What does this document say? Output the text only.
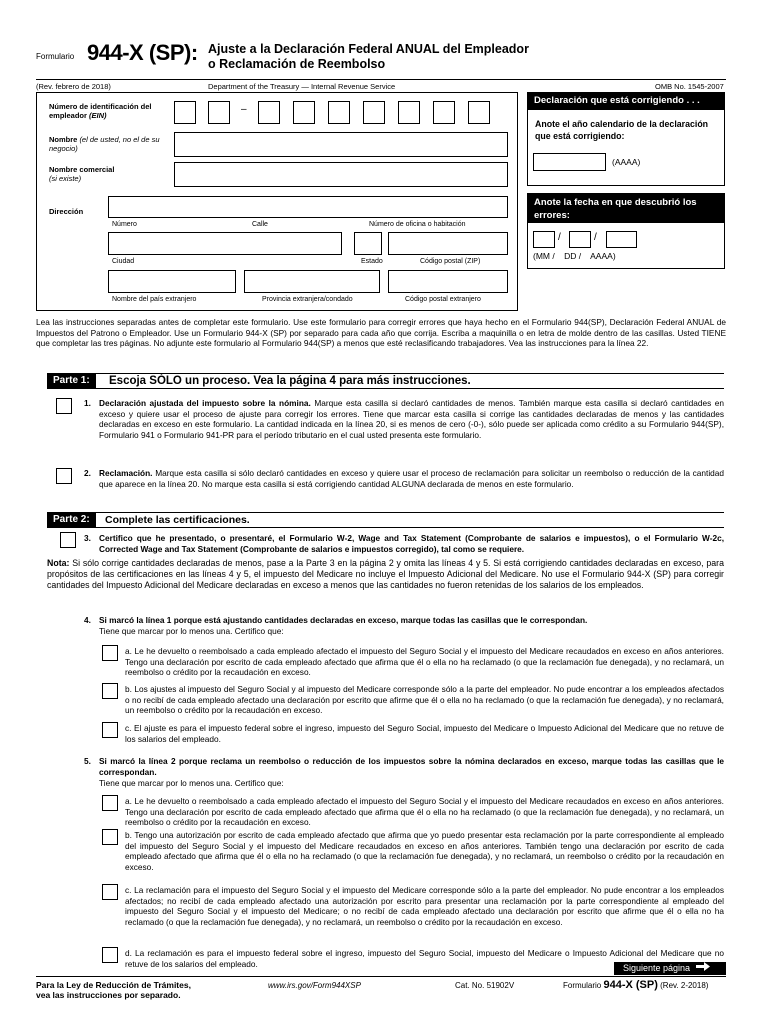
Formulario 944-X (SP): Ajuste a la Declaración Federal ANUAL del Empleador
o Reclamación de Reembolso
(Rev. febrero de 2018)	Department of the Treasury — Internal Revenue Service	OMB No. 1545-2007
Número de identificación del empleador (EIN)
–
Nombre (el de usted, no el de su negocio)
Nombre comercial
(si existe)
Dirección
Número	Calle	Número de oficina o habitación
Ciudad	Estado	Código postal (ZIP)
Nombre del país extranjero	Provincia extranjera/condado	Código postal extranjero
Declaración que está corrigiendo . . .
Anote el año calendario de la declaración que está corrigiendo:
(AAAA)
Anote la fecha en que descubrió los errores:
/	/
(MM /    DD /    AAAA)
Lea las instrucciones separadas antes de completar este formulario. Use este formulario para corregir errores que haya hecho en el Formulario 944(SP), Declaración Federal ANUAL de Impuestos del Patrono o Empleador. Use un Formulario 944-X (SP) por separado para cada año que corrija. Escriba a maquinilla o en letra de molde dentro de las casillas. Usted TIENE que completar las tres páginas. No adjunte este formulario al Formulario 944(SP) a menos que esté reclasificando trabajadores. Vea las instrucciones para la línea 22.
Parte 1:	Escoja SÓLO un proceso. Vea la página 4 para más instrucciones.
1. Declaración ajustada del impuesto sobre la nómina. Marque esta casilla si declaró cantidades de menos. También marque esta casilla si declaró cantidades en exceso y quiere usar el proceso de ajuste para corregir los errores. Tiene que marcar esta casilla si corrige las cantidades declaradas de menos y las cantidades declaradas en exceso en este formulario. La cantidad indicada en la línea 20, si es menos de cero (-0-), sólo puede ser aplicada como crédito a su Formulario 944(SP), Formulario 941 o Formulario 941-PR para el período tributario en el cual usted presenta este formulario.
2. Reclamación. Marque esta casilla si sólo declaró cantidades en exceso y quiere usar el proceso de reclamación para solicitar un reembolso o reducción de la cantidad que aparece en la línea 20. No marque esta casilla si está corrigiendo cantidad ALGUNA declarada de menos en este formulario.
Parte 2:	Complete las certificaciones.
3. Certifico que he presentado, o presentaré, el Formulario W-2, Wage and Tax Statement (Comprobante de salarios e impuestos), o el Formulario W-2c, Corrected Wage and Tax Statement (Comprobante de salarios e impuestos corregido), tal como se requiere.
Nota: Si sólo corrige cantidades declaradas de menos, pase a la Parte 3 en la página 2 y omita las líneas 4 y 5. Si está corrigiendo cantidades declaradas en exceso, para propósitos de las certificaciones en las líneas 4 y 5, el impuesto del Medicare no incluye el Impuesto Adicional del Medicare. No use el Formulario 944-X (SP) para corregir cantidades del Impuesto Adicional del Medicare declaradas en exceso a menos que las cantidades no fueron retenidas de los salarios de los empleados.
4. Si marcó la línea 1 porque está ajustando cantidades declaradas en exceso, marque todas las casillas que le correspondan.
Tiene que marcar por lo menos una. Certifico que:
a. Le he devuelto o reembolsado a cada empleado afectado el impuesto del Seguro Social y el impuesto del Medicare recaudados en exceso en años anteriores. Tengo una declaración por escrito de cada empleado afectado que afirma que él o ella no ha reclamado (o que la reclamación fue denegada), y no reclamará, un reembolso o crédito por la recaudación en exceso.
b. Los ajustes al impuesto del Seguro Social y al impuesto del Medicare corresponde sólo a la parte del empleador. No pude encontrar a los empleados afectados o no recibí de cada empleado afectado una declaración por escrito que afirme que él o ella no ha reclamado (o que la reclamación fue denegada), y no reclamará, un reembolso o crédito por la recaudación en exceso.
c. El ajuste es para el impuesto federal sobre el ingreso, impuesto del Seguro Social, impuesto del Medicare o Impuesto Adicional del Medicare que no retuve de los salarios del empleado.
5. Si marcó la línea 2 porque reclama un reembolso o reducción de los impuestos sobre la nómina declarados en exceso, marque todas las casillas que le correspondan.
Tiene que marcar por lo menos una. Certifico que:
a. Le he devuelto o reembolsado a cada empleado afectado el impuesto del Seguro Social y el impuesto del Medicare recaudados en exceso en años anteriores. Tengo una declaración por escrito de cada empleado afectado que afirma que él o ella no ha reclamado (o que la reclamación fue denegada), y no reclamará, un reembolso o crédito por la recaudación en exceso.
b. Tengo una autorización por escrito de cada empleado afectado que afirma que yo puedo presentar esta reclamación por la parte correspondiente al empleado del impuesto del Seguro Social y el impuesto del Medicare recaudados en exceso en años anteriores. También tengo una declaración por escrito de cada empleado afectado que afirma que él o ella no ha reclamado (o que la reclamación fue denegada), y no reclamará, un reembolso o crédito por la recaudación en exceso.
c. La reclamación para el impuesto del Seguro Social y el impuesto del Medicare corresponde sólo a la parte del empleador. No pude encontrar a los empleados afectados; no recibí de cada empleado afectado una autorización por escrito para presentar una reclamación por la parte correspondiente al empleado del impuesto del Seguro Social y el impuesto del Medicare; o no recibí de cada empleado afectado una declaración por escrito que afirme que él o ella no ha reclamado (o que la reclamación fue denegada), y no reclamará, un reembolso o crédito por la recaudación en exceso.
d. La reclamación es para el impuesto federal sobre el ingreso, impuesto del Seguro Social, impuesto del Medicare o Impuesto Adicional del Medicare que no retuve de los salarios del empleado.	Siguiente página
Para la Ley de Reducción de Trámites,
vea las instrucciones por separado.
www.irs.gov/Form944XSP	Cat. No. 51902V	Formulario 944-X (SP) (Rev. 2-2018)
